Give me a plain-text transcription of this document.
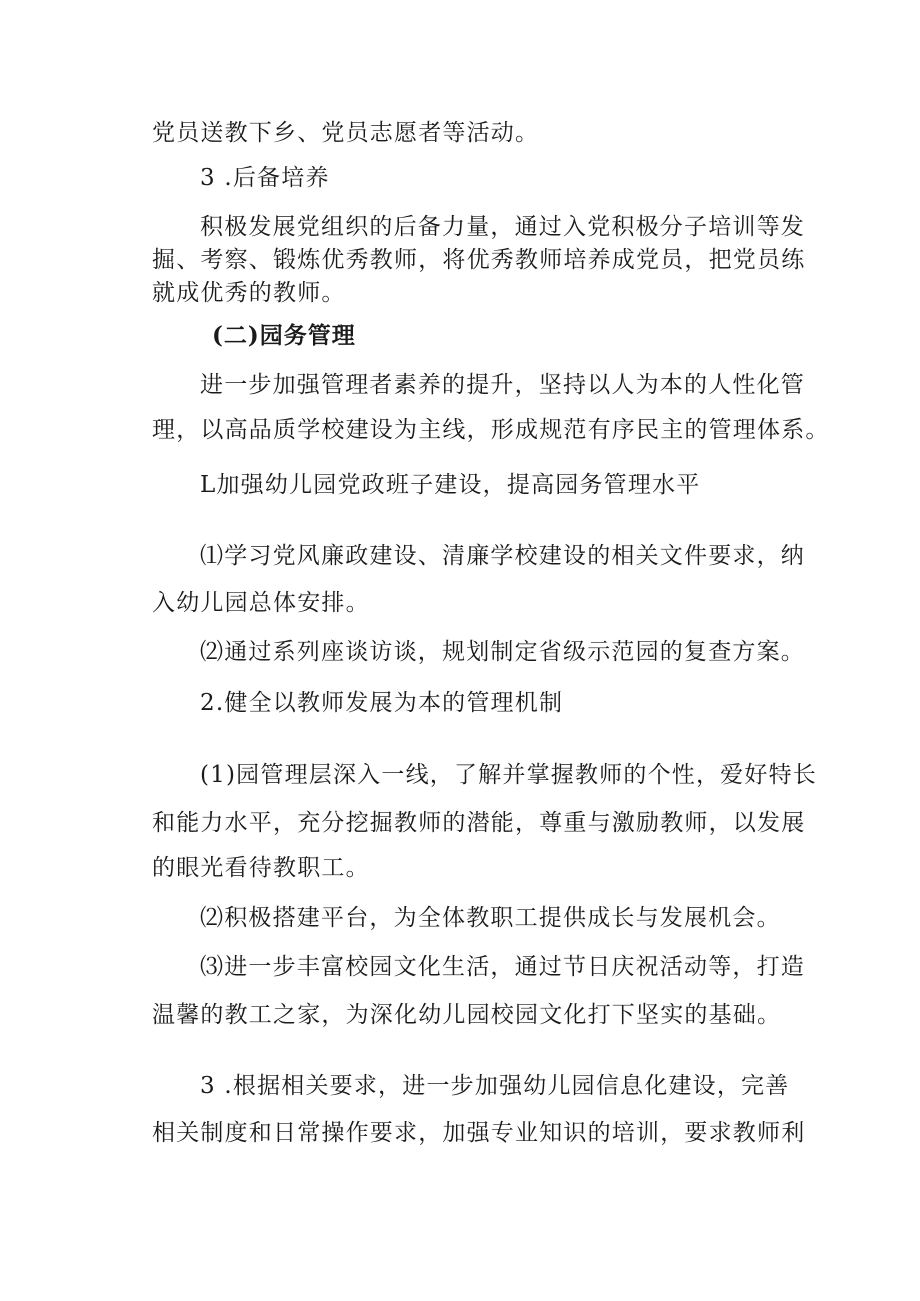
党员送教下乡、党员志愿者等活动。
3 .后备培养
积极发展党组织的后备力量，通过入党积极分子培训等发
掘、考察、锻炼优秀教师，将优秀教师培养成党员，把党员练
就成优秀的教师。
(二)园务管理
进一步加强管理者素养的提升，坚持以人为本的人性化管
理，以高品质学校建设为主线，形成规范有序民主的管理体系。
L加强幼儿园党政班子建设，提高园务管理水平
⑴学习党风廉政建设、清廉学校建设的相关文件要求，纳
入幼儿园总体安排。
⑵通过系列座谈访谈，规划制定省级示范园的复查方案。
2.健全以教师发展为本的管理机制
(1)园管理层深入一线，了解并掌握教师的个性，爱好特长
和能力水平，充分挖掘教师的潜能，尊重与激励教师，以发展
的眼光看待教职工。
⑵积极搭建平台，为全体教职工提供成长与发展机会。
⑶进一步丰富校园文化生活，通过节日庆祝活动等，打造
温馨的教工之家，为深化幼儿园校园文化打下坚实的基础。
3 .根据相关要求，进一步加强幼儿园信息化建设，完善
相关制度和日常操作要求，加强专业知识的培训，要求教师利
